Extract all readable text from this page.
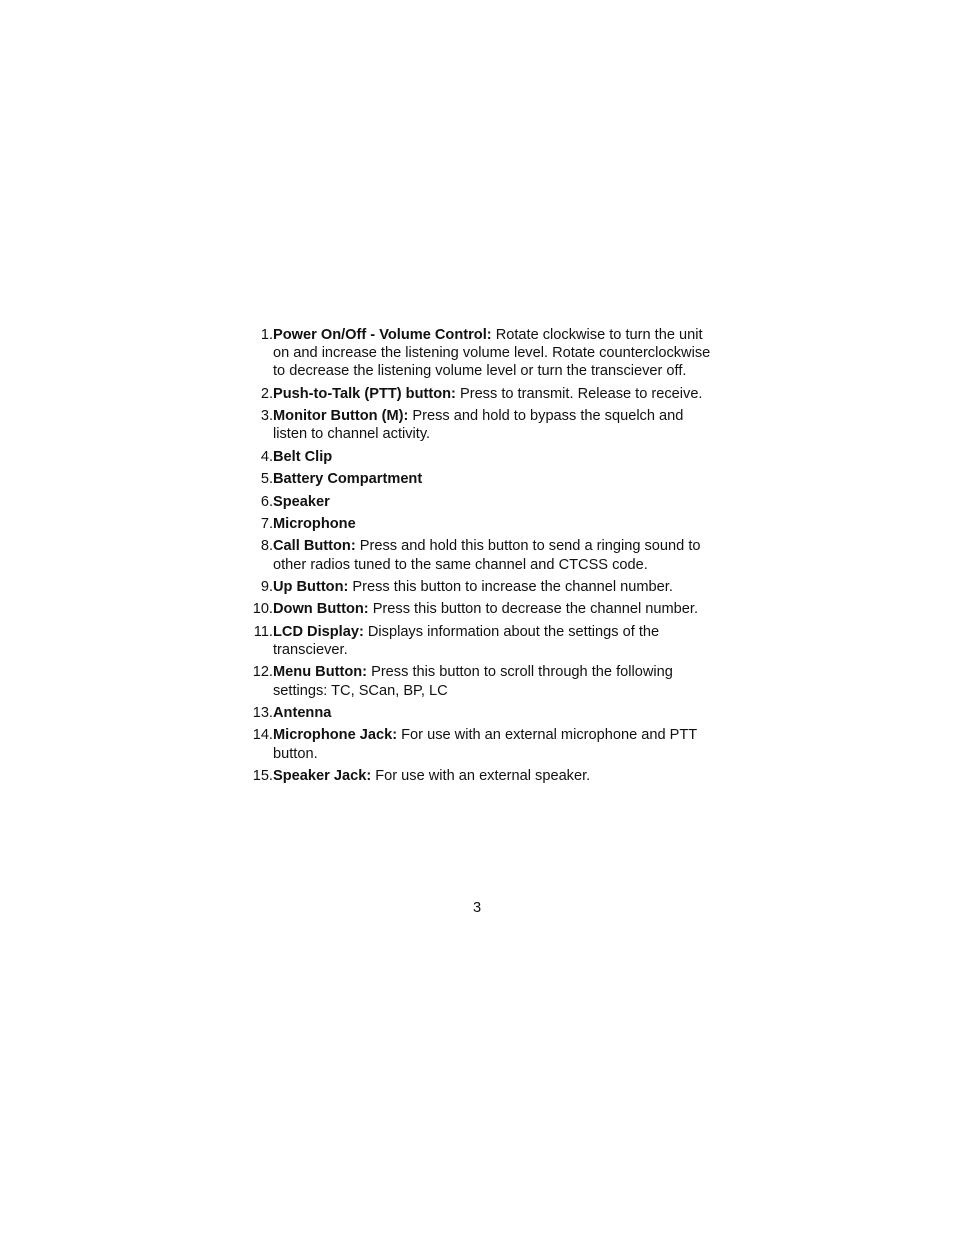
1. Power On/Off - Volume Control: Rotate clockwise to turn the unit on and increase the listening volume level. Rotate counterclockwise to decrease the listening volume level or turn the transciever off.
2. Push-to-Talk (PTT) button: Press to transmit. Release to receive.
3. Monitor Button (M): Press and hold to bypass the squelch and listen to channel activity.
4. Belt Clip
5. Battery Compartment
6. Speaker
7. Microphone
8. Call Button: Press and hold this button to send a ringing sound to other radios tuned to the same channel and CTCSS code.
9. Up Button: Press this button to increase the channel number.
10. Down Button: Press this button to decrease the channel number.
11. LCD Display: Displays information about the settings of the transciever.
12. Menu Button: Press this button to scroll through the following settings: TC, SCan, BP, LC
13. Antenna
14. Microphone Jack: For use with an external microphone and PTT button.
15. Speaker Jack: For use with an external speaker.
3
